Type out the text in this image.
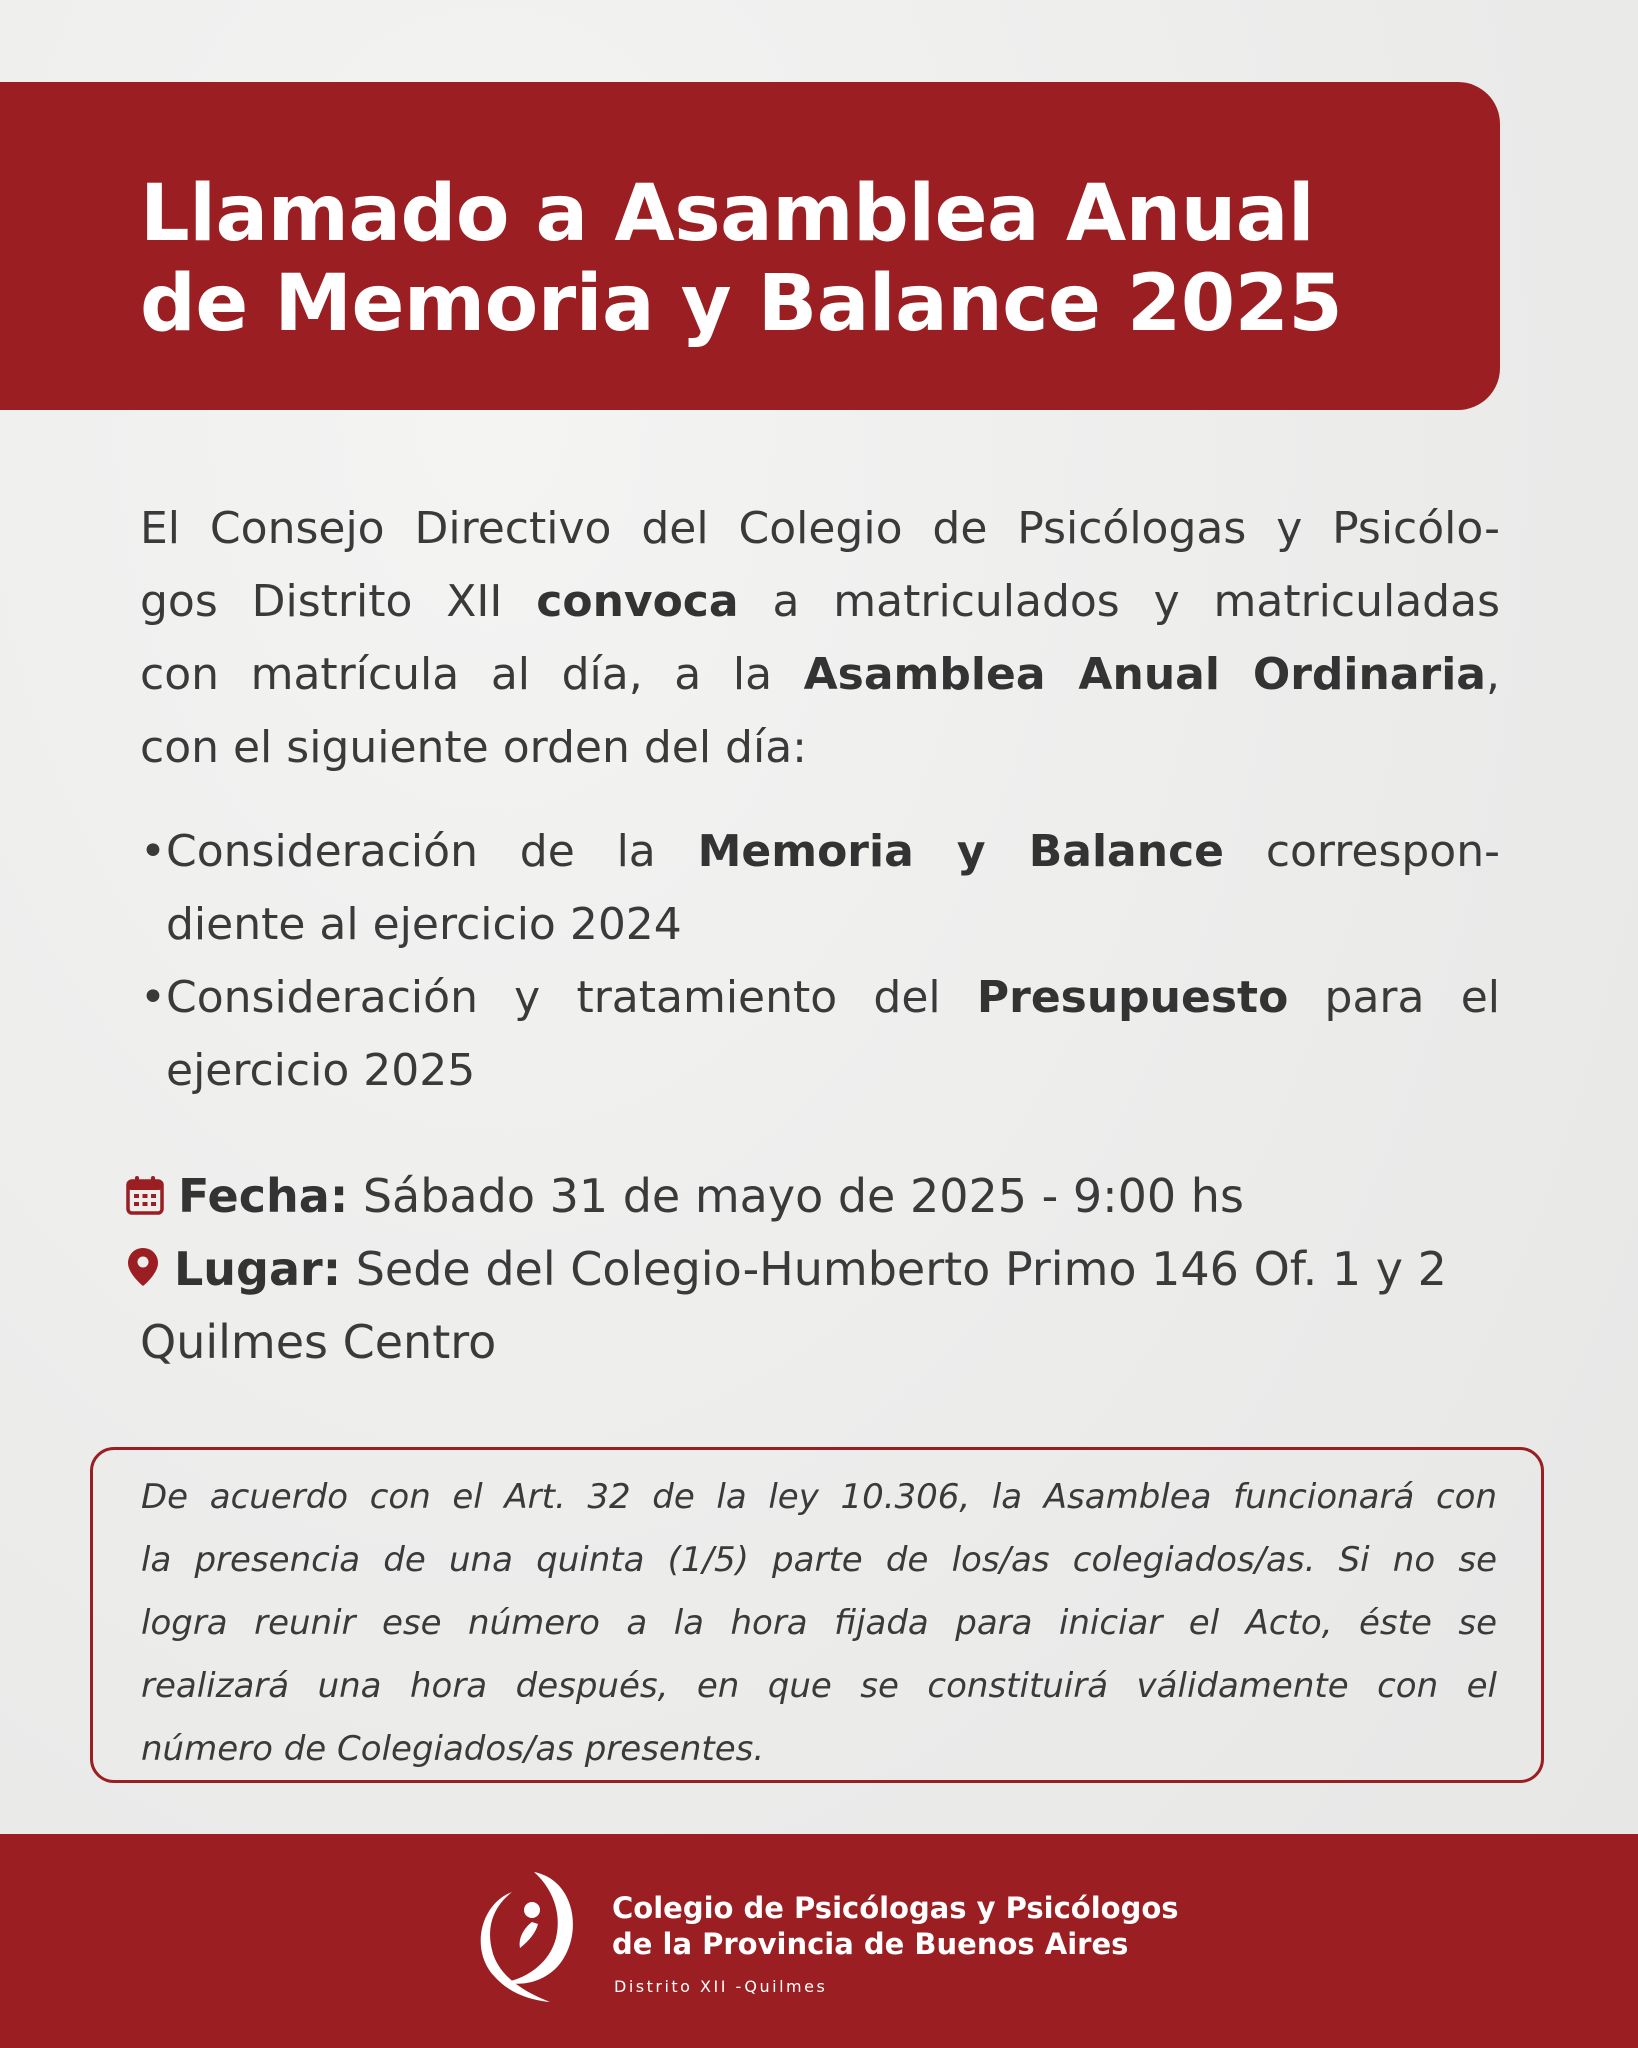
Llamado a Asamblea Anual
de Memoria y Balance 2025
El Consejo Directivo del Colegio de Psicólogas y Psicólo-
gos Distrito XII convoca a matriculados y matriculadas
con matrícula al día, a la Asamblea Anual Ordinaria,
con el siguiente orden del día:
• Consideración de la Memoria y Balance correspon-
diente al ejercicio 2024
• Consideración y tratamiento del Presupuesto para el
ejercicio 2025
Fecha: Sábado 31 de mayo de 2025 - 9:00 hs
Lugar: Sede del Colegio-Humberto Primo 146 Of. 1 y 2
Quilmes Centro
De acuerdo con el Art. 32 de la ley 10.306, la Asamblea funcionará con
la presencia de una quinta (1/5) parte de los/as colegiados/as. Si no se
logra reunir ese número a la hora fijada para iniciar el Acto, éste se
realizará una hora después, en que se constituirá válidamente con el
número de Colegiados/as presentes.
Colegio de Psicólogas y Psicólogos
de la Provincia de Buenos Aires
Distrito XII -Quilmes
